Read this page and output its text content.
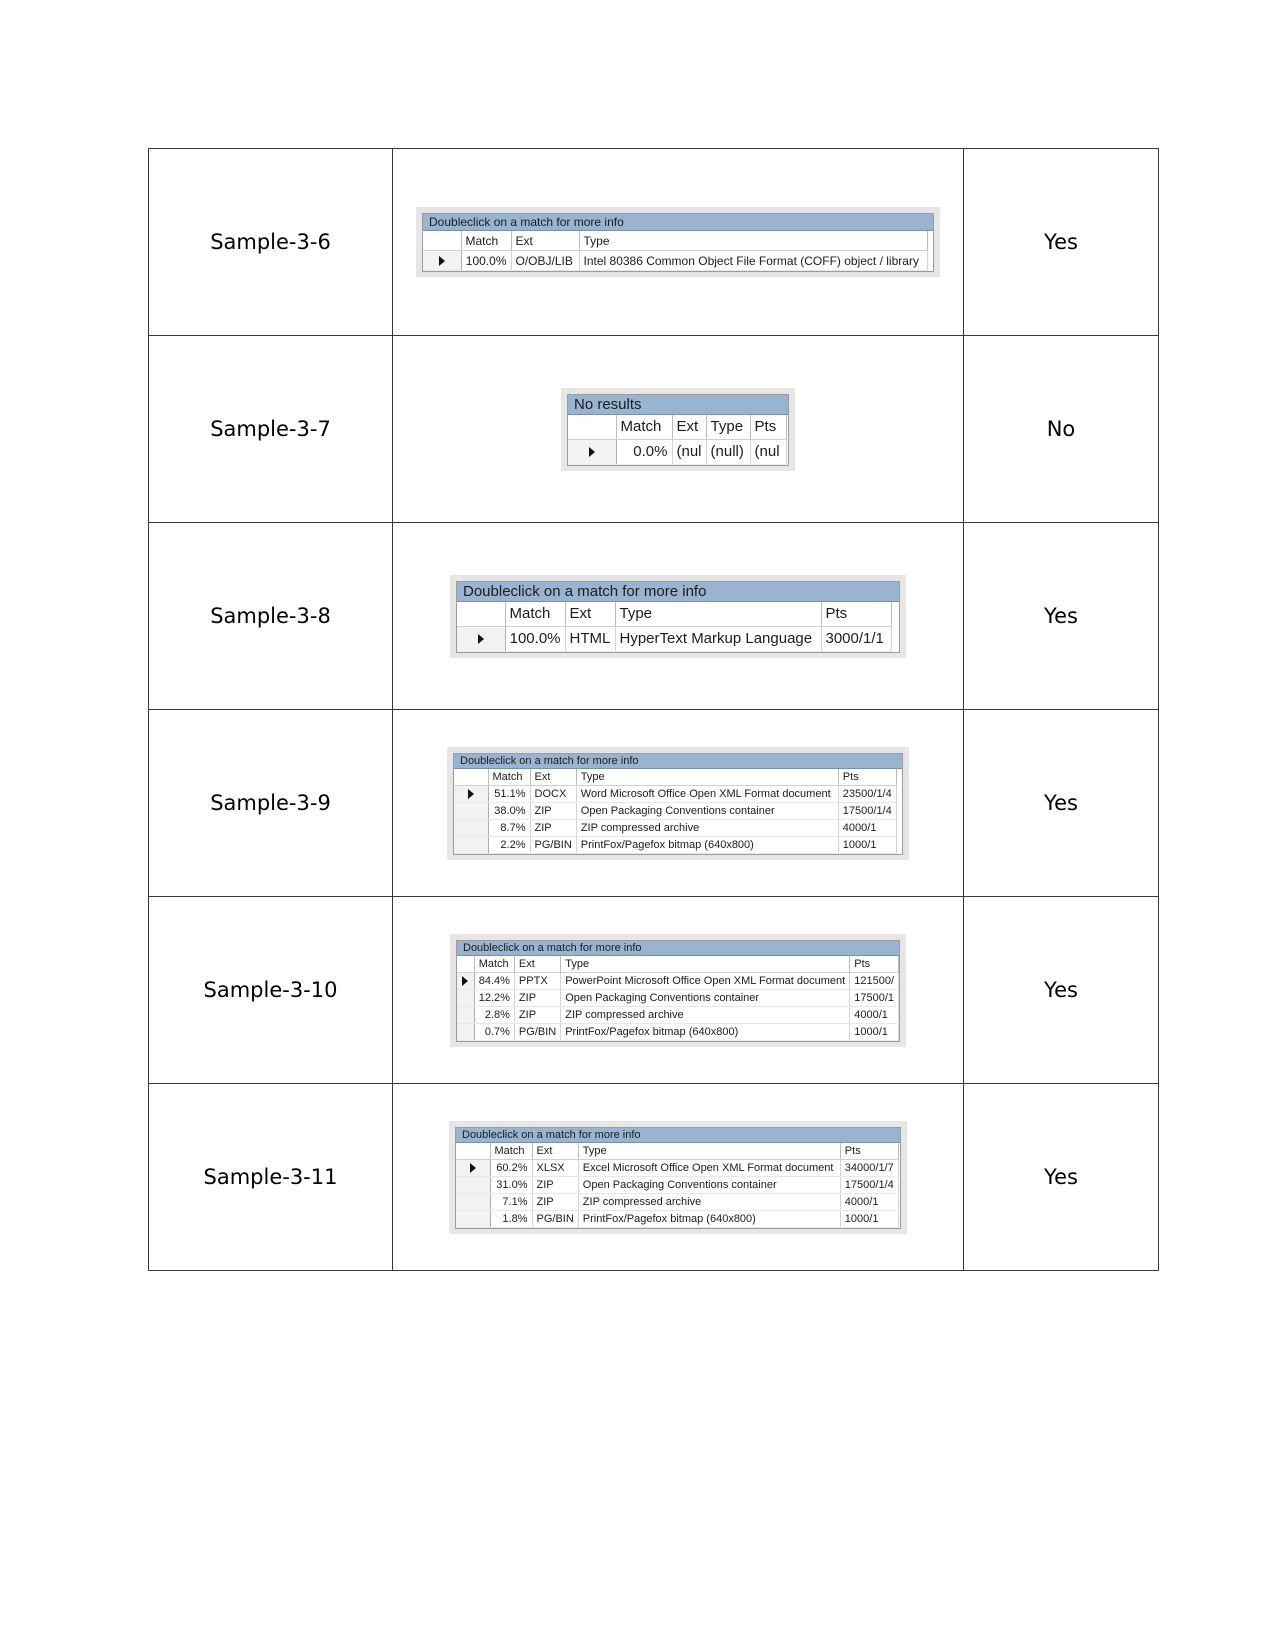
Sample-3-6	
Doubleclick on a match for more info
	Match	Ext	Type
	100.0%	O/OBJ/LIB	Intel 80386 Common Object File Format (COFF) object / library
	Yes
Sample-3-7	
No results
	Match	Ext	Type	Pts
	0.0%	(nul	(null)	(nul
	No
Sample-3-8	
Doubleclick on a match for more info
	Match	Ext	Type	Pts
	100.0%	HTML	HyperText Markup Language	3000/1/1
	Yes
Sample-3-9	
Doubleclick on a match for more info
	Match	Ext	Type	Pts
	51.1%	DOCX	Word Microsoft Office Open XML Format document	23500/1/4
	38.0%	ZIP	Open Packaging Conventions container	17500/1/4
	8.7%	ZIP	ZIP compressed archive	4000/1
	2.2%	PG/BIN	PrintFox/Pagefox bitmap (640x800)	1000/1
	Yes
Sample-3-10	
Doubleclick on a match for more info
	Match	Ext	Type	Pts
	84.4%	PPTX	PowerPoint Microsoft Office Open XML Format document	121500/
	12.2%	ZIP	Open Packaging Conventions container	17500/1
	2.8%	ZIP	ZIP compressed archive	4000/1
	0.7%	PG/BIN	PrintFox/Pagefox bitmap (640x800)	1000/1
	Yes
Sample-3-11	
Doubleclick on a match for more info
	Match	Ext	Type	Pts
	60.2%	XLSX	Excel Microsoft Office Open XML Format document	34000/1/7
	31.0%	ZIP	Open Packaging Conventions container	17500/1/4
	7.1%	ZIP	ZIP compressed archive	4000/1
	1.8%	PG/BIN	PrintFox/Pagefox bitmap (640x800)	1000/1
	Yes
